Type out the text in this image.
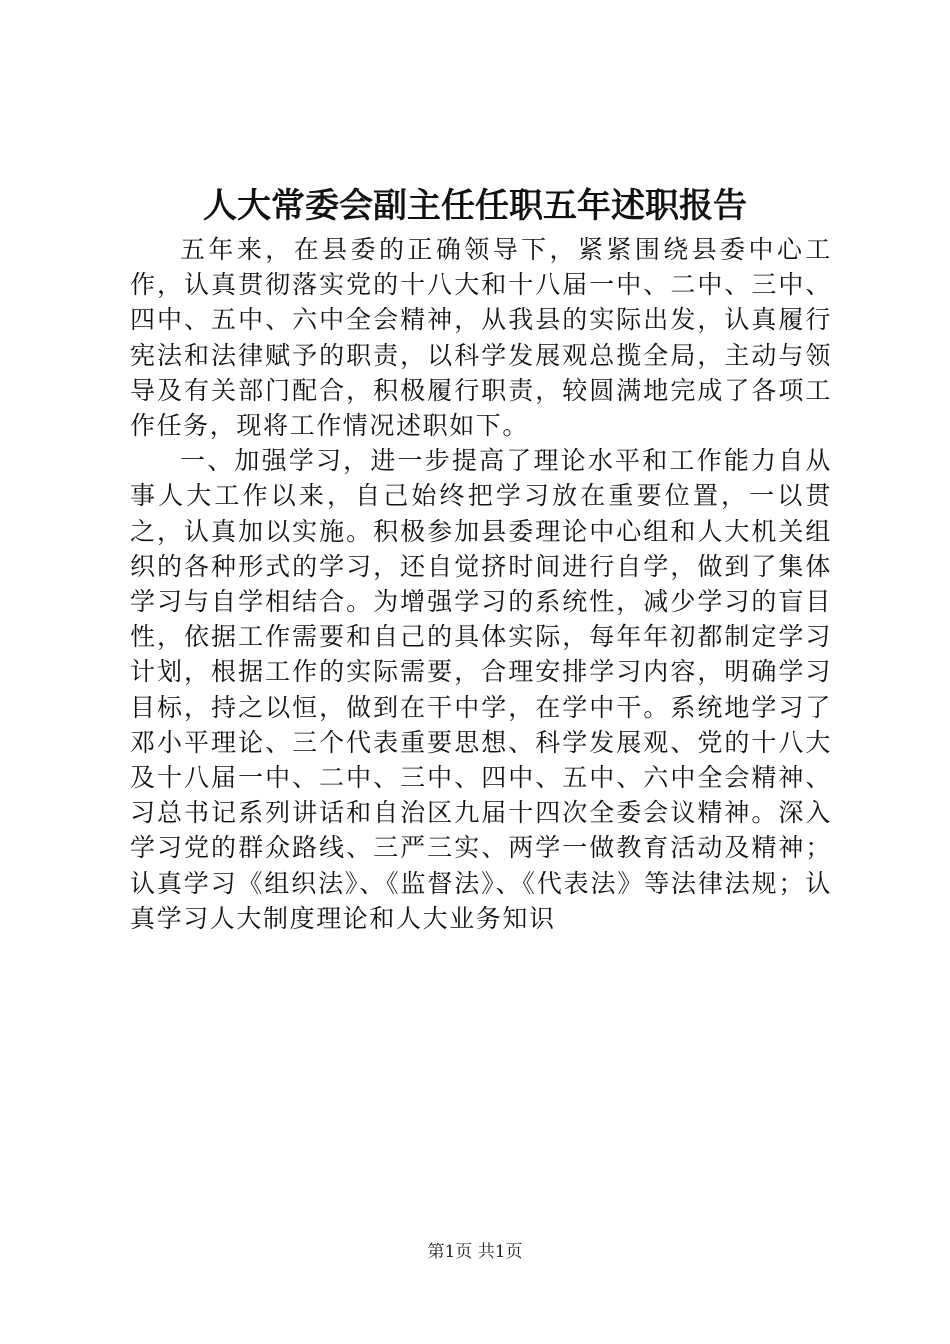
人大常委会副主任任职五年述职报告

五年来，在县委的正确领导下，紧紧围绕县委中心工作，认真贯彻落实党的十八大和十八届一中、二中、三中、四中、五中、六中全会精神，从我县的实际出发，认真履行宪法和法律赋予的职责，以科学发展观总揽全局，主动与领导及有关部门配合，积极履行职责，较圆满地完成了各项工作任务，现将工作情况述职如下。

一、加强学习，进一步提高了理论水平和工作能力自从事人大工作以来，自己始终把学习放在重要位置，一以贯之，认真加以实施。积极参加县委理论中心组和人大机关组织的各种形式的学习，还自觉挤时间进行自学，做到了集体学习与自学相结合。为增强学习的系统性，减少学习的盲目性，依据工作需要和自己的具体实际，每年年初都制定学习计划，根据工作的实际需要，合理安排学习内容，明确学习目标，持之以恒，做到在干中学，在学中干。系统地学习了邓小平理论、三个代表重要思想、科学发展观、党的十八大及十八届一中、二中、三中、四中、五中、六中全会精神、习总书记系列讲话和自治区九届十四次全委会议精神。深入学习党的群众路线、三严三实、两学一做教育活动及精神；认真学习《组织法》、《监督法》、《代表法》等法律法规；认真学习人大制度理论和人大业务知识

第1页 共1页
